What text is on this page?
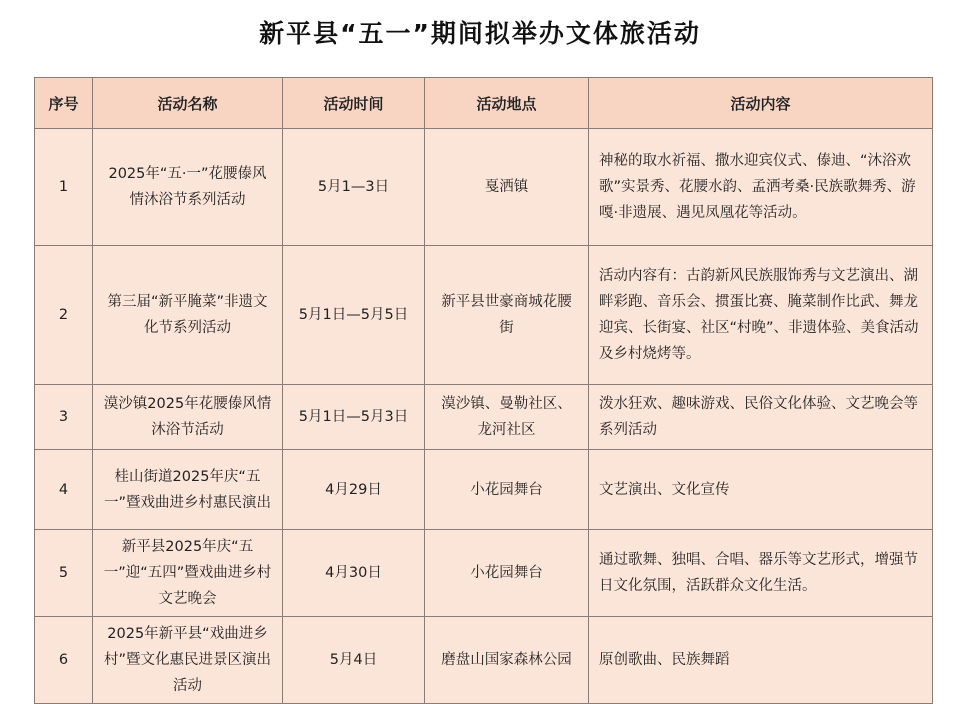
新平县“五一”期间拟举办文体旅活动
序号	活动名称	活动时间	活动地点	活动内容
1	2025年“五·一”花腰傣风情沐浴节系列活动	5月1—3日	戛洒镇	神秘的取水祈福、撒水迎宾仪式、傣迪、“沐浴欢歌”实景秀、花腰水韵、孟洒考桑·民族歌舞秀、游嘎·非遗展、遇见凤凰花等活动。
2	第三届“新平腌菜”非遗文化节系列活动	5月1日—5月5日	新平县世豪商城花腰街	活动内容有：古韵新风民族服饰秀与文艺演出、湖畔彩跑、音乐会、掼蛋比赛、腌菜制作比武、舞龙迎宾、长街宴、社区“村晚”、非遗体验、美食活动及乡村烧烤等。
3	漠沙镇2025年花腰傣风情沐浴节活动	5月1日—5月3日	漠沙镇、曼勒社区、龙河社区	泼水狂欢、趣味游戏、民俗文化体验、文艺晚会等系列活动
4	桂山街道2025年庆“五一”暨戏曲进乡村惠民演出	4月29日	小花园舞台	文艺演出、文化宣传
5	新平县2025年庆“五一”迎“五四”暨戏曲进乡村文艺晚会	4月30日	小花园舞台	通过歌舞、独唱、合唱、器乐等文艺形式，增强节日文化氛围，活跃群众文化生活。
6	2025年新平县“戏曲进乡村”暨文化惠民进景区演出活动	5月4日	磨盘山国家森林公园	原创歌曲、民族舞蹈
